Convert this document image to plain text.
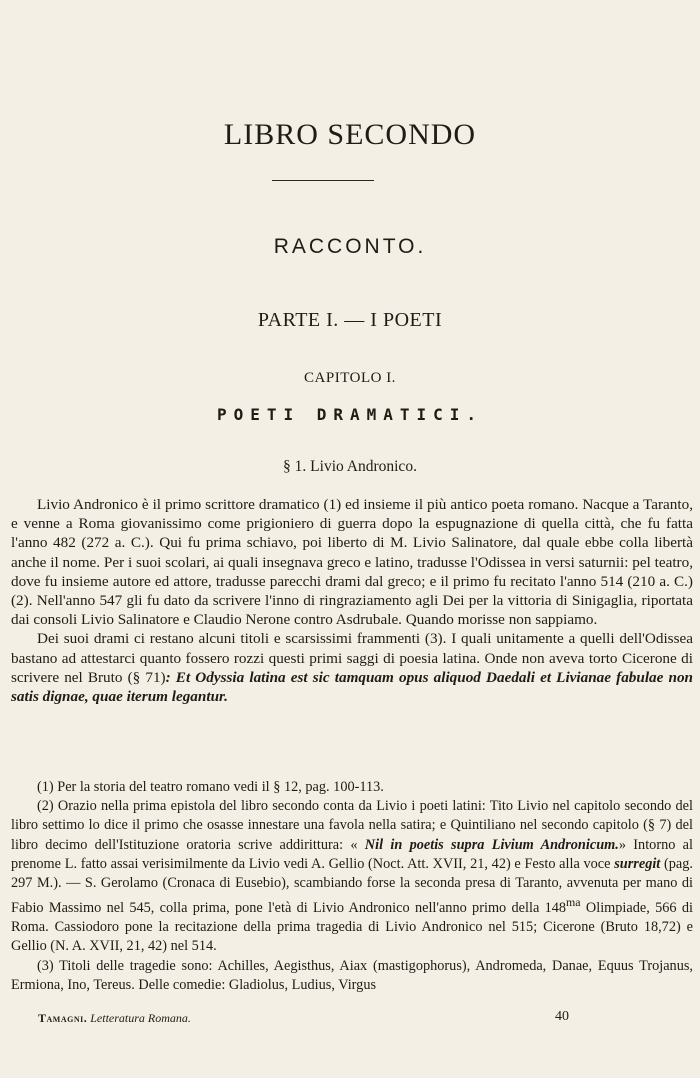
LIBRO SECONDO
RACCONTO.
PARTE I. — I POETI
CAPITOLO I.
POETI DRAMATICI.
§ 1. Livio Andronico.

Livio Andronico è il primo scrittore dramatico (1) ed insieme il più antico poeta romano. Nacque a Taranto, e venne a Roma giovanissimo come prigioniero di guerra dopo la espugnazione di quella città, che fu fatta l'anno 482 (272 a. C.). Qui fu prima schiavo, poi liberto di M. Livio Salinatore, dal quale ebbe colla libertà anche il nome. Per i suoi scolari, ai quali insegnava greco e latino, tradusse l'Odissea in versi saturnii: pel teatro, dove fu insieme autore ed attore, tradusse parecchi drami dal greco; e il primo fu recitato l'anno 514 (210 a. C.) (2). Nell'anno 547 gli fu dato da scrivere l'inno di ringraziamento agli Dei per la vittoria di Sinigaglia, riportata dai consoli Livio Salinatore e Claudio Nerone contro Asdrubale. Quando morisse non sappiamo.

Dei suoi drami ci restano alcuni titoli e scarsissimi frammenti (3). I quali unitamente a quelli dell'Odissea bastano ad attestarci quanto fossero rozzi questi primi saggi di poesia latina. Onde non aveva torto Cicerone di scrivere nel Bruto (§ 71): Et Odyssia latina est sic tamquam opus aliquod Daedali et Livianae fabulae non satis dignae, quae iterum legantur.

(1) Per la storia del teatro romano vedi il § 12, pag. 100-113.

(2) Orazio nella prima epistola del libro secondo conta da Livio i poeti latini: Tito Livio nel capitolo secondo del libro settimo lo dice il primo che osasse innestare una favola nella satira; e Quintiliano nel secondo capitolo (§ 7) del libro decimo dell'Istituzione oratoria scrive addirittura: « Nil in poetis supra Livium Andronicum.» Intorno al prenome L. fatto assai verisimilmente da Livio vedi A. Gellio (Noct. Att. XVII, 21, 42) e Festo alla voce surregit (pag. 297 M.). — S. Gerolamo (Cronaca di Eusebio), scambiando forse la seconda presa di Taranto, avvenuta per mano di Fabio Massimo nel 545, colla prima, pone l'età di Livio Andronico nell'anno primo della $148^{ma}$ Olimpiade, 566 di Roma. Cassiodoro pone la recitazione della prima tragedia di Livio Andronico nel 515; Cicerone (Bruto 18,72) e Gellio (N. A. XVII, 21, 42) nel 514.

(3) Titoli delle tragedie sono: Achilles, Aegisthus, Aiax (mastigophorus), Andromeda, Danae, Equus Trojanus, Ermiona, Ino, Tereus. Delle comedie: Gladiolus, Ludius, Virgus

Tamagni. Letteratura Romana.	40
